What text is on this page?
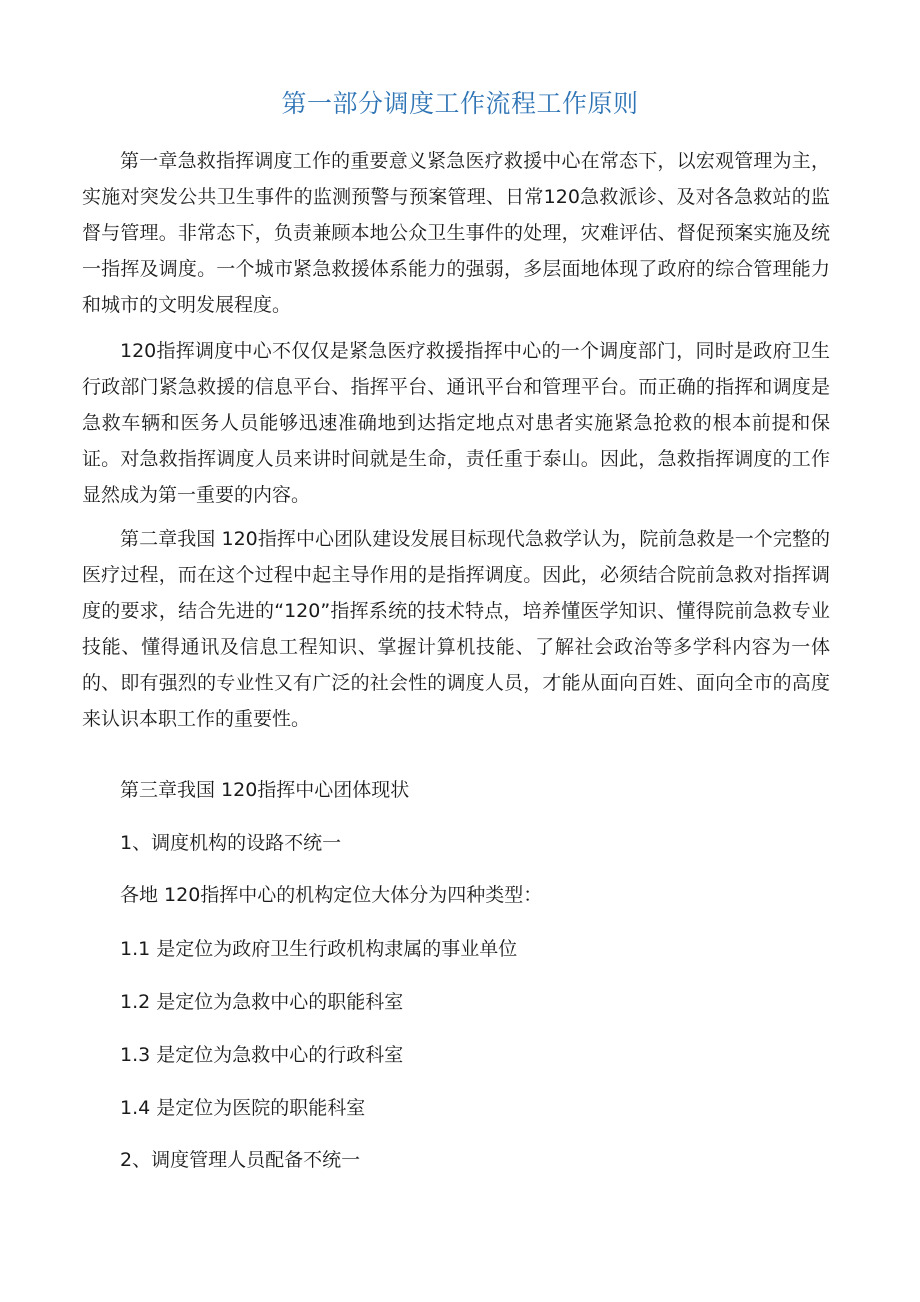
第一部分调度工作流程工作原则

第一章急救指挥调度工作的重要意义紧急医疗救援中心在常态下，以宏观管理为主，实施对突发公共卫生事件的监测预警与预案管理、日常120急救派诊、及对各急救站的监督与管理。非常态下，负责兼顾本地公众卫生事件的处理，灾难评估、督促预案实施及统一指挥及调度。一个城市紧急救援体系能力的强弱，多层面地体现了政府的综合管理能力和城市的文明发展程度。

120指挥调度中心不仅仅是紧急医疗救援指挥中心的一个调度部门，同时是政府卫生行政部门紧急救援的信息平台、指挥平台、通讯平台和管理平台。而正确的指挥和调度是急救车辆和医务人员能够迅速准确地到达指定地点对患者实施紧急抢救的根本前提和保证。对急救指挥调度人员来讲时间就是生命，责任重于泰山。因此，急救指挥调度的工作显然成为第一重要的内容。

第二章我国 120指挥中心团队建设发展目标现代急救学认为，院前急救是一个完整的医疗过程，而在这个过程中起主导作用的是指挥调度。因此，必须结合院前急救对指挥调度的要求，结合先进的“120”指挥系统的技术特点，培养懂医学知识、懂得院前急救专业技能、懂得通讯及信息工程知识、掌握计算机技能、了解社会政治等多学科内容为一体的、即有强烈的专业性又有广泛的社会性的调度人员，才能从面向百姓、面向全市的高度来认识本职工作的重要性。

第三章我国 120指挥中心团体现状

1、调度机构的设路不统一

各地 120指挥中心的机构定位大体分为四种类型：

1.1 是定位为政府卫生行政机构隶属的事业单位

1.2 是定位为急救中心的职能科室

1.3 是定位为急救中心的行政科室

1.4 是定位为医院的职能科室

2、调度管理人员配备不统一
